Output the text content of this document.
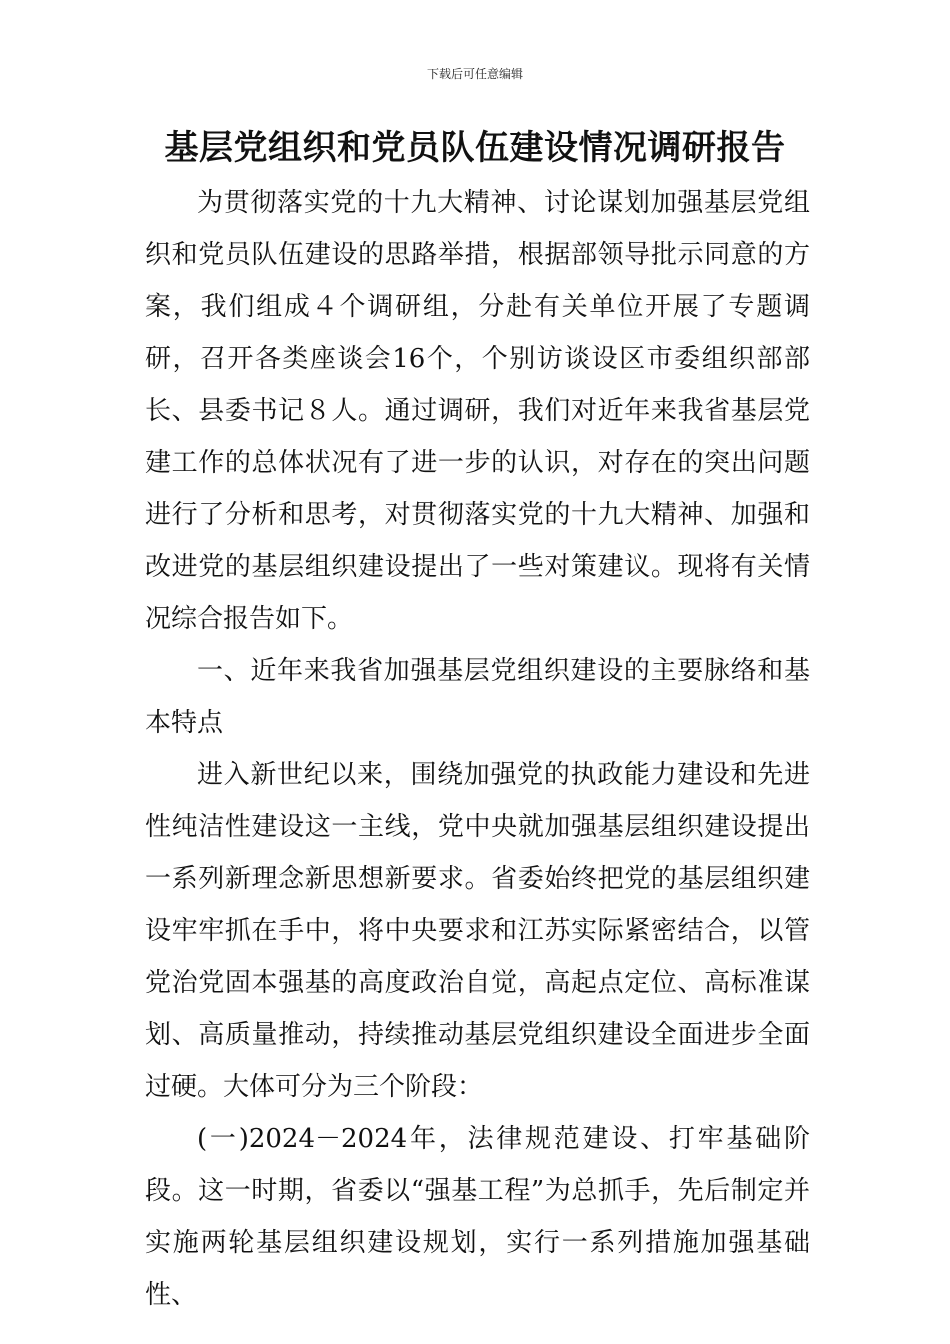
下载后可任意编辑
基层党组织和党员队伍建设情况调研报告

为贯彻落实党的十九大精神、讨论谋划加强基层党组织和党员队伍建设的思路举措，根据部领导批示同意的方案，我们组成４个调研组，分赴有关单位开展了专题调研，召开各类座谈会16个，个别访谈设区市委组织部部长、县委书记８人。通过调研，我们对近年来我省基层党建工作的总体状况有了进一步的认识，对存在的突出问题进行了分析和思考，对贯彻落实党的十九大精神、加强和改进党的基层组织建设提出了一些对策建议。现将有关情况综合报告如下。

一、近年来我省加强基层党组织建设的主要脉络和基本特点

进入新世纪以来，围绕加强党的执政能力建设和先进性纯洁性建设这一主线，党中央就加强基层组织建设提出一系列新理念新思想新要求。省委始终把党的基层组织建设牢牢抓在手中，将中央要求和江苏实际紧密结合，以管党治党固本强基的高度政治自觉，高起点定位、高标准谋划、高质量推动，持续推动基层党组织建设全面进步全面过硬。大体可分为三个阶段：

(一)2024－2024年，法律规范建设、打牢基础阶段。这一时期，省委以“强基工程”为总抓手，先后制定并实施两轮基层组织建设规划，实行一系列措施加强基础性、
